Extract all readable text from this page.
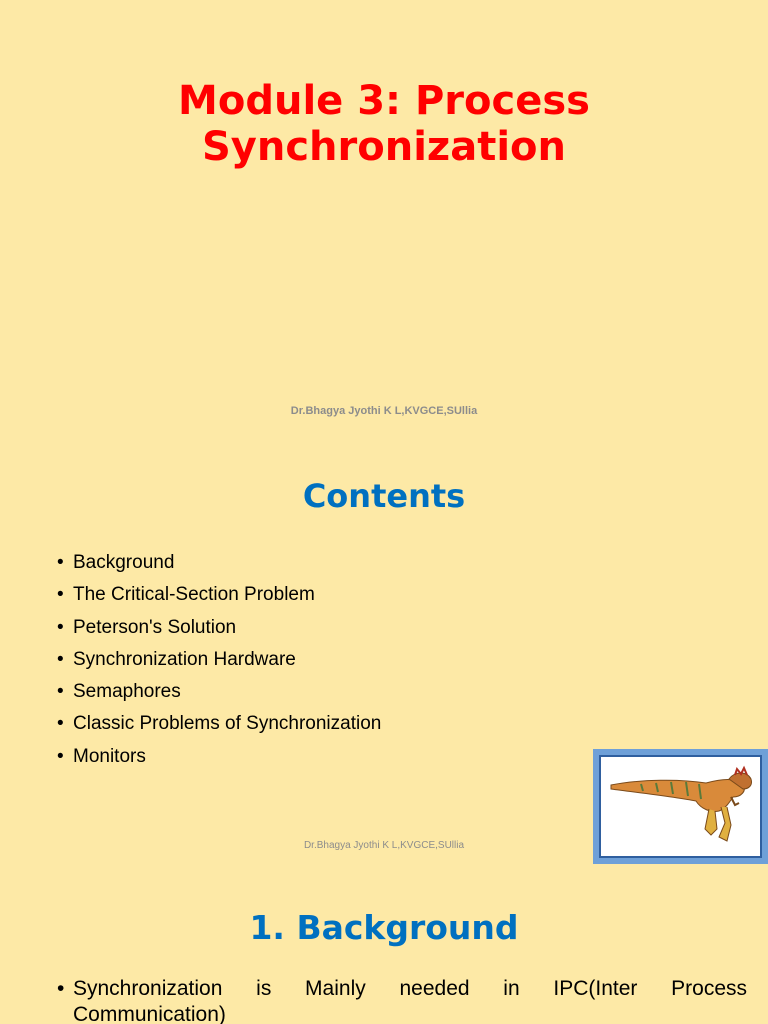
Module 3: Process
Synchronization
Dr.Bhagya Jyothi K L,KVGCE,SUllia
Contents
• Background
• The Critical-Section Problem
• Peterson's Solution
• Synchronization Hardware
• Semaphores
• Classic Problems of Synchronization
• Monitors
Dr.Bhagya Jyothi K L,KVGCE,SUllia
1. Background
• Synchronization is Mainly needed in IPC(Inter Process
Communication)
